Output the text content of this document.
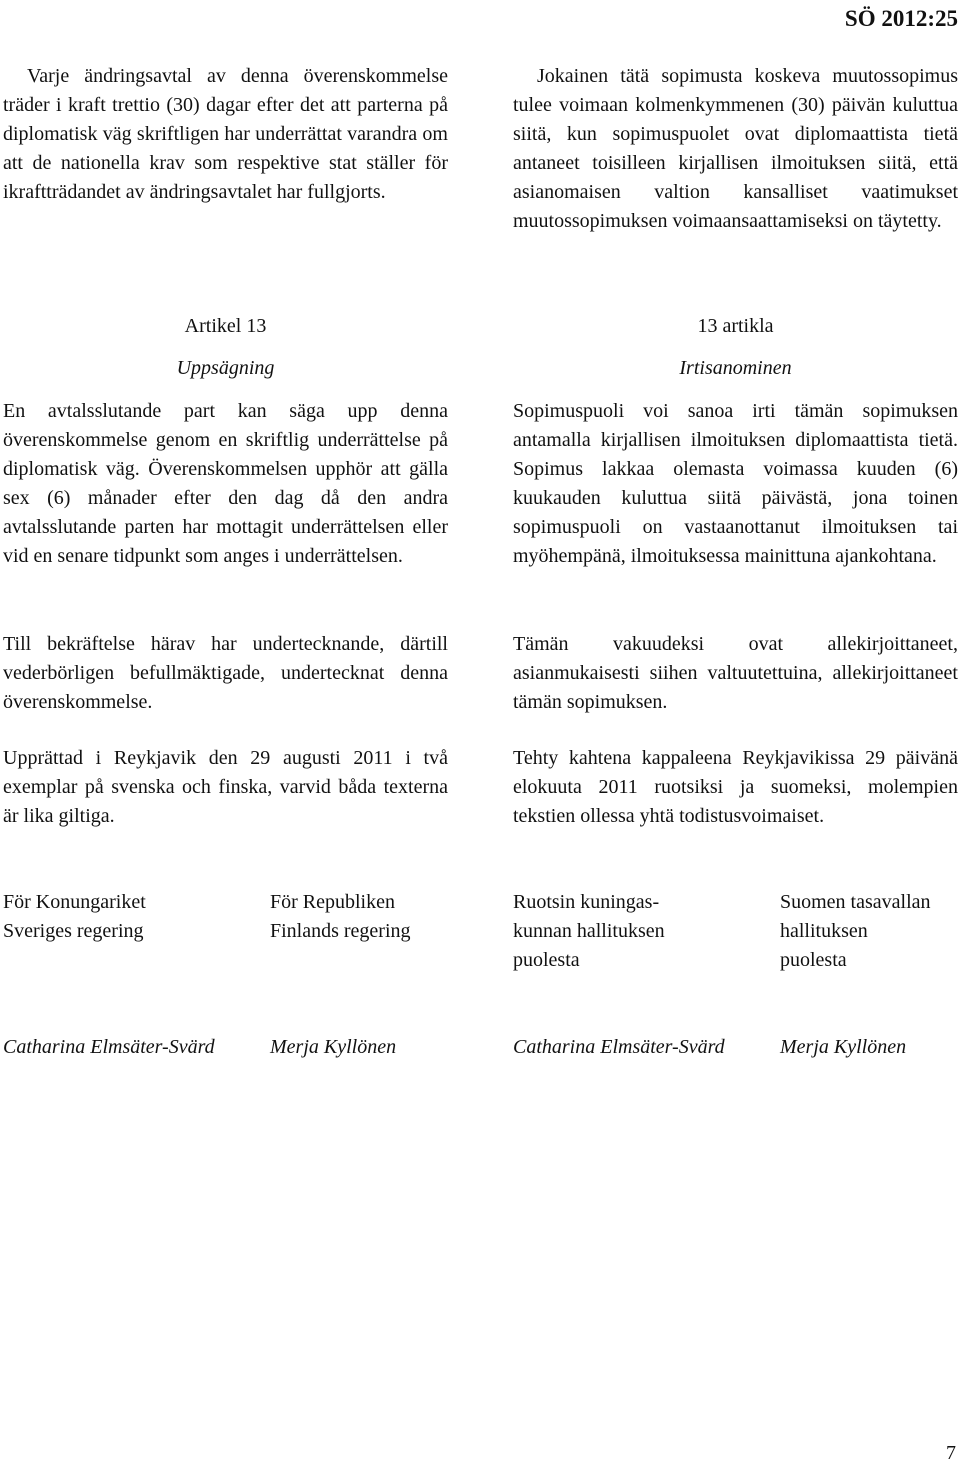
SÖ 2012:25

Varje ändringsavtal av denna överenskommelse träder i kraft trettio (30) dagar efter det att parterna på diplomatisk väg skriftligen har underrättat varandra om att de nationella krav som respektive stat ställer för ikraftträdandet av ändringsavtalet har fullgjorts.

Artikel 13
Uppsägning

En avtalsslutande part kan säga upp denna överenskommelse genom en skriftlig underrättelse på diplomatisk väg. Överenskommelsen upphör att gälla sex (6) månader efter den dag då den andra avtalsslutande parten har mottagit underrättelsen eller vid en senare tidpunkt som anges i underrättelsen.

Till bekräftelse härav har undertecknande, därtill vederbörligen befullmäktigade, undertecknat denna överenskommelse.

Upprättad i Reykjavik den 29 augusti 2011 i två exemplar på svenska och finska, varvid båda texterna är lika giltiga.

För Konungariket
Sveriges regering
För Republiken
Finlands regering
Catharina Elmsäter-Svärd	Merja Kyllönen

Jokainen tätä sopimusta koskeva muutossopimus tulee voimaan kolmenkymmenen (30) päivän kuluttua siitä, kun sopimuspuolet ovat diplomaattista tietä antaneet toisilleen kirjallisen ilmoituksen siitä, että asianomaisen valtion kansalliset vaatimukset muutossopimuksen voimaansaattamiseksi on täytetty.

13 artikla
Irtisanominen

Sopimuspuoli voi sanoa irti tämän sopimuksen antamalla kirjallisen ilmoituksen diplomaattista tietä. Sopimus lakkaa olemasta voimassa kuuden (6) kuukauden kuluttua siitä päivästä, jona toinen sopimuspuoli on vastaanottanut ilmoituksen tai myöhempänä, ilmoituksessa mainittuna ajankohtana.

Tämän vakuudeksi ovat allekirjoittaneet, asianmukaisesti siihen valtuutettuina, allekirjoittaneet tämän sopimuksen.

Tehty kahtena kappaleena Reykjavikissa 29 päivänä elokuuta 2011 ruotsiksi ja suomeksi, molempien tekstien ollessa yhtä todistusvoimaiset.

Ruotsin kuningas-
kunnan hallituksen
puolesta
Suomen tasavallan
hallituksen
puolesta
Catharina Elmsäter-Svärd	Merja Kyllönen
7
